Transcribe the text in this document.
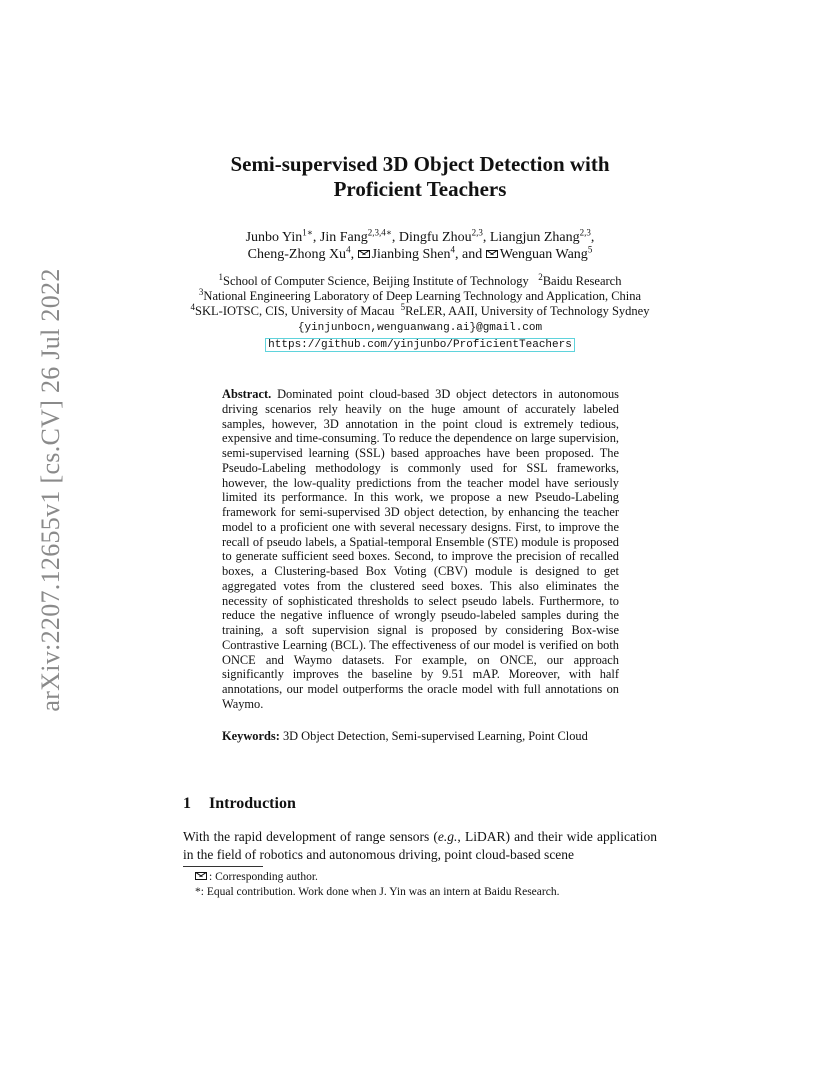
arXiv:2207.12655v1 [cs.CV] 26 Jul 2022
Semi-supervised 3D Object Detection with
Proficient Teachers
Junbo Yin$^{1∗}$, Jin Fang$^{2,3,4∗}$, Dingfu Zhou$^{2,3}$, Liangjun Zhang$^{2,3}$,
Cheng-Zhong Xu$^4$, Jianbing Shen$^4$, and Wenguan Wang$^5$
$^1$School of Computer Science, Beijing Institute of Technology $^2$Baidu Research
$^3$National Engineering Laboratory of Deep Learning Technology and Application, China
$^4$SKL-IOTSC, CIS, University of Macau $^5$ReLER, AAII, University of Technology Sydney
{yinjunbocn,wenguanwang.ai}@gmail.com
https://github.com/yinjunbo/ProficientTeachers
Abstract. Dominated point cloud-based 3D object detectors in autonomous driving scenarios rely heavily on the huge amount of accurately labeled samples, however, 3D annotation in the point cloud is extremely tedious, expensive and time-consuming. To reduce the dependence on large supervision, semi-supervised learning (SSL) based approaches have been proposed. The Pseudo-Labeling methodology is commonly used for SSL frameworks, however, the low-quality predictions from the teacher model have seriously limited its performance. In this work, we propose a new Pseudo-Labeling framework for semi-supervised 3D object detection, by enhancing the teacher model to a proficient one with several necessary designs. First, to improve the recall of pseudo labels, a Spatial-temporal Ensemble (STE) module is proposed to generate sufficient seed boxes. Second, to improve the precision of recalled boxes, a Clustering-based Box Voting (CBV) module is designed to get aggregated votes from the clustered seed boxes. This also eliminates the necessity of sophisticated thresholds to select pseudo labels. Furthermore, to reduce the negative influence of wrongly pseudo-labeled samples during the training, a soft supervision signal is proposed by considering Box-wise Contrastive Learning (BCL). The effectiveness of our model is verified on both ONCE and Waymo datasets. For example, on ONCE, our approach significantly improves the baseline by 9.51 mAP. Moreover, with half annotations, our model outperforms the oracle model with full annotations on Waymo.
Keywords: 3D Object Detection, Semi-supervised Learning, Point Cloud
1 Introduction
With the rapid development of range sensors (e.g., LiDAR) and their wide application in the field of robotics and autonomous driving, point cloud-based scene
: Corresponding author.
*: Equal contribution. Work done when J. Yin was an intern at Baidu Research.
